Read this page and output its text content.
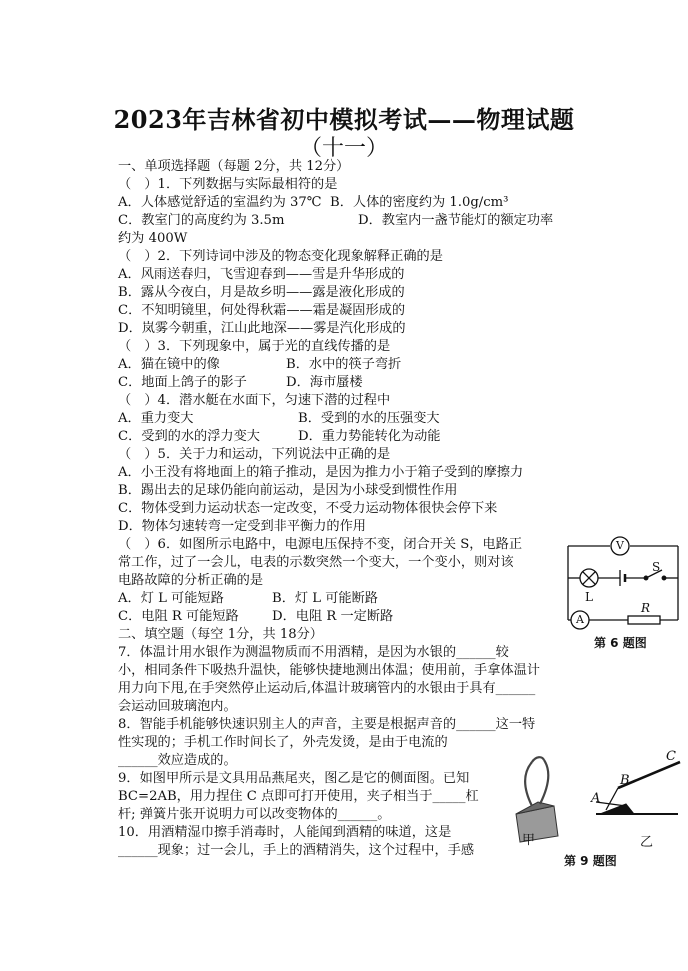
2023年吉林省初中模拟考试——物理试题
（十一）
一、单项选择题（每题 2分，共 12分）
（　）1．下列数据与实际最相符的是
A．人体感觉舒适的室温约为 37℃
C．教室门的高度约为 3.5m
约为 400W
（　）2．下列诗词中涉及的物态变化现象解释正确的是
A．风雨送春归，飞雪迎春到——雪是升华形成的
B．露从今夜白，月是故乡明——露是液化形成的
C．不知明镜里，何处得秋霜——霜是凝固形成的
D．岚雾今朝重，江山此地深——雾是汽化形成的
（　）3．下列现象中，属于光的直线传播的是
A．猫在镜中的像
C．地面上鸽子的影子
（　）4．潜水艇在水面下，匀速下潜的过程中
A．重力变大
C．受到的水的浮力变大
（　）5．关于力和运动，下列说法中正确的是
A．小王没有将地面上的箱子推动，是因为推力小于箱子受到的摩擦力
B．踢出去的足球仍能向前运动，是因为小球受到惯性作用
C．物体受到力运动状态一定改变，不受力运动物体很快会停下来
D．物体匀速转弯一定受到非平衡力的作用
（　）6．如图所示电路中，电源电压保持不变，闭合开关 S，电路正
常工作，过了一会儿，电表的示数突然一个变大，一个变小，则对该
电路故障的分析正确的是
A．灯 L 可能短路
C．电阻 R 可能短路
二、填空题（每空 1分，共 18分）
7．体温计用水银作为测温物质而不用酒精，是因为水银的______较
小，相同条件下吸热升温快，能够快捷地测出体温；使用前，手拿体温计
用力向下甩,在手突然停止运动后,体温计玻璃管内的水银由于具有______
会运动回玻璃泡内。
8．智能手机能够快速识别主人的声音，主要是根据声音的______这一特
性实现的；手机工作时间长了，外壳发烫，是由于电流的
______效应造成的。
9．如图甲所示是文具用品燕尾夹，图乙是它的侧面图。已知
BC=2AB，用力捏住 C 点即可打开使用，夹子相当于_____杠
杆; 弹簧片张开说明力可以改变物体的______。
10．用酒精湿巾擦手消毒时，人能闻到酒精的味道，这是
______现象；过一会儿，手上的酒精消失，这个过程中，手感
B．人体的密度约为 1.0g/cm³
D．教室内一盏节能灯的额定功率
B．水中的筷子弯折
D．海市蜃楼
B．受到的水的压强变大
D．重力势能转化为动能
B．灯 L 可能断路
D．电阻 R 一定断路
V
S
L
A
R
第 6 题图
A
B
C
甲	乙
第 9 题图
